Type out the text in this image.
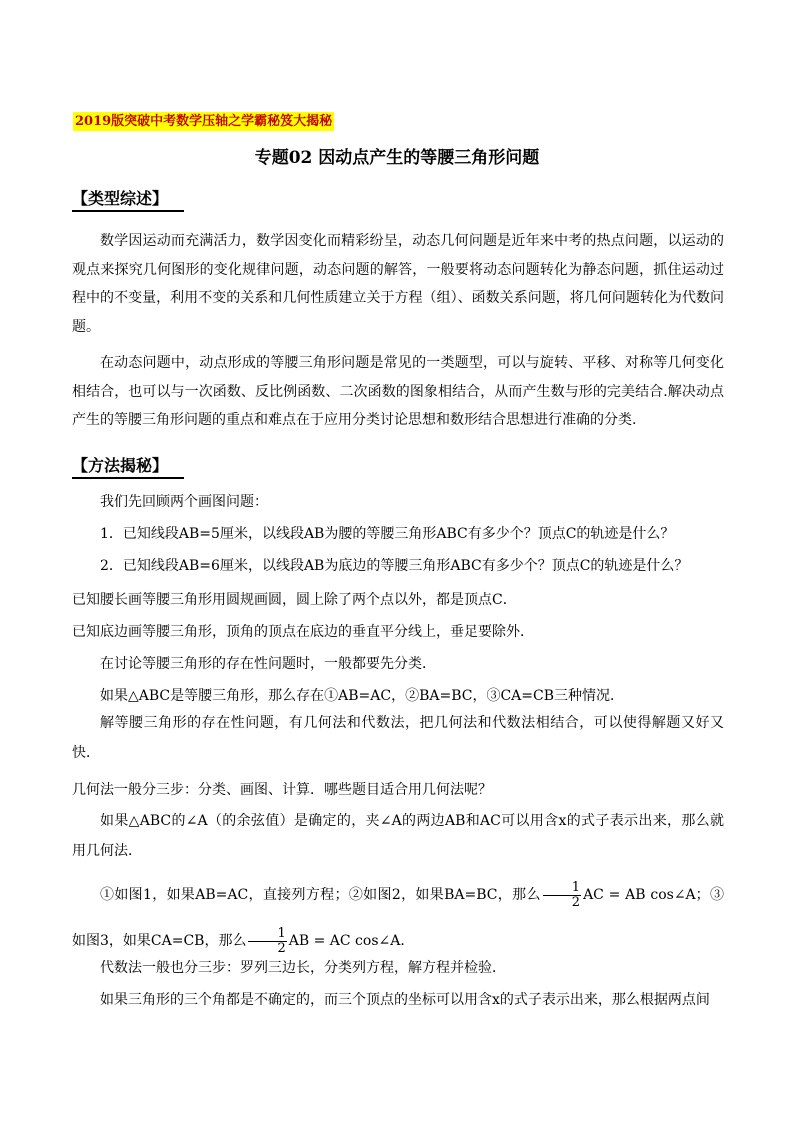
2019版突破中考数学压轴之学霸秘笈大揭秘
专题02 因动点产生的等腰三角形问题
【类型综述】

数学因运动而充满活力，数学因变化而精彩纷呈，动态几何问题是近年来中考的热点问题，以运动的观点来探究几何图形的变化规律问题，动态问题的解答，一般要将动态问题转化为静态问题，抓住运动过程中的不变量，利用不变的关系和几何性质建立关于方程（组）、函数关系问题，将几何问题转化为代数问题。

在动态问题中，动点形成的等腰三角形问题是常见的一类题型，可以与旋转、平移、对称等几何变化相结合，也可以与一次函数、反比例函数、二次函数的图象相结合，从而产生数与形的完美结合.解决动点产生的等腰三角形问题的重点和难点在于应用分类讨论思想和数形结合思想进行准确的分类.

【方法揭秘】

我们先回顾两个画图问题：

1．已知线段AB=5厘米，以线段AB为腰的等腰三角形ABC有多少个？顶点C的轨迹是什么？

2．已知线段AB=6厘米，以线段AB为底边的等腰三角形ABC有多少个？顶点C的轨迹是什么？

已知腰长画等腰三角形用圆规画圆，圆上除了两个点以外，都是顶点C．

已知底边画等腰三角形，顶角的顶点在底边的垂直平分线上，垂足要除外．

在讨论等腰三角形的存在性问题时，一般都要先分类．

如果△ABC是等腰三角形，那么存在①AB=AC，②BA=BC，③CA=CB三种情况．

解等腰三角形的存在性问题，有几何法和代数法，把几何法和代数法相结合，可以使得解题又好又快．

几何法一般分三步：分类、画图、计算．哪些题目适合用几何法呢？

如果△ABC的∠A（的余弦值）是确定的，夹∠A的两边AB和AC可以用含x的式子表示出来，那么就用几何法．

①如图1，如果AB=AC，直接列方程；②如图2，如果BA=BC，那么 $\frac{1}{2}$ AC = AB cos∠A；③如图3，如果CA=CB，那么 $\frac{1}{2}$ AB = AC cos∠A．

代数法一般也分三步：罗列三边长，分类列方程，解方程并检验．

如果三角形的三个角都是不确定的，而三个顶点的坐标可以用含x的式子表示出来，那么根据两点间
